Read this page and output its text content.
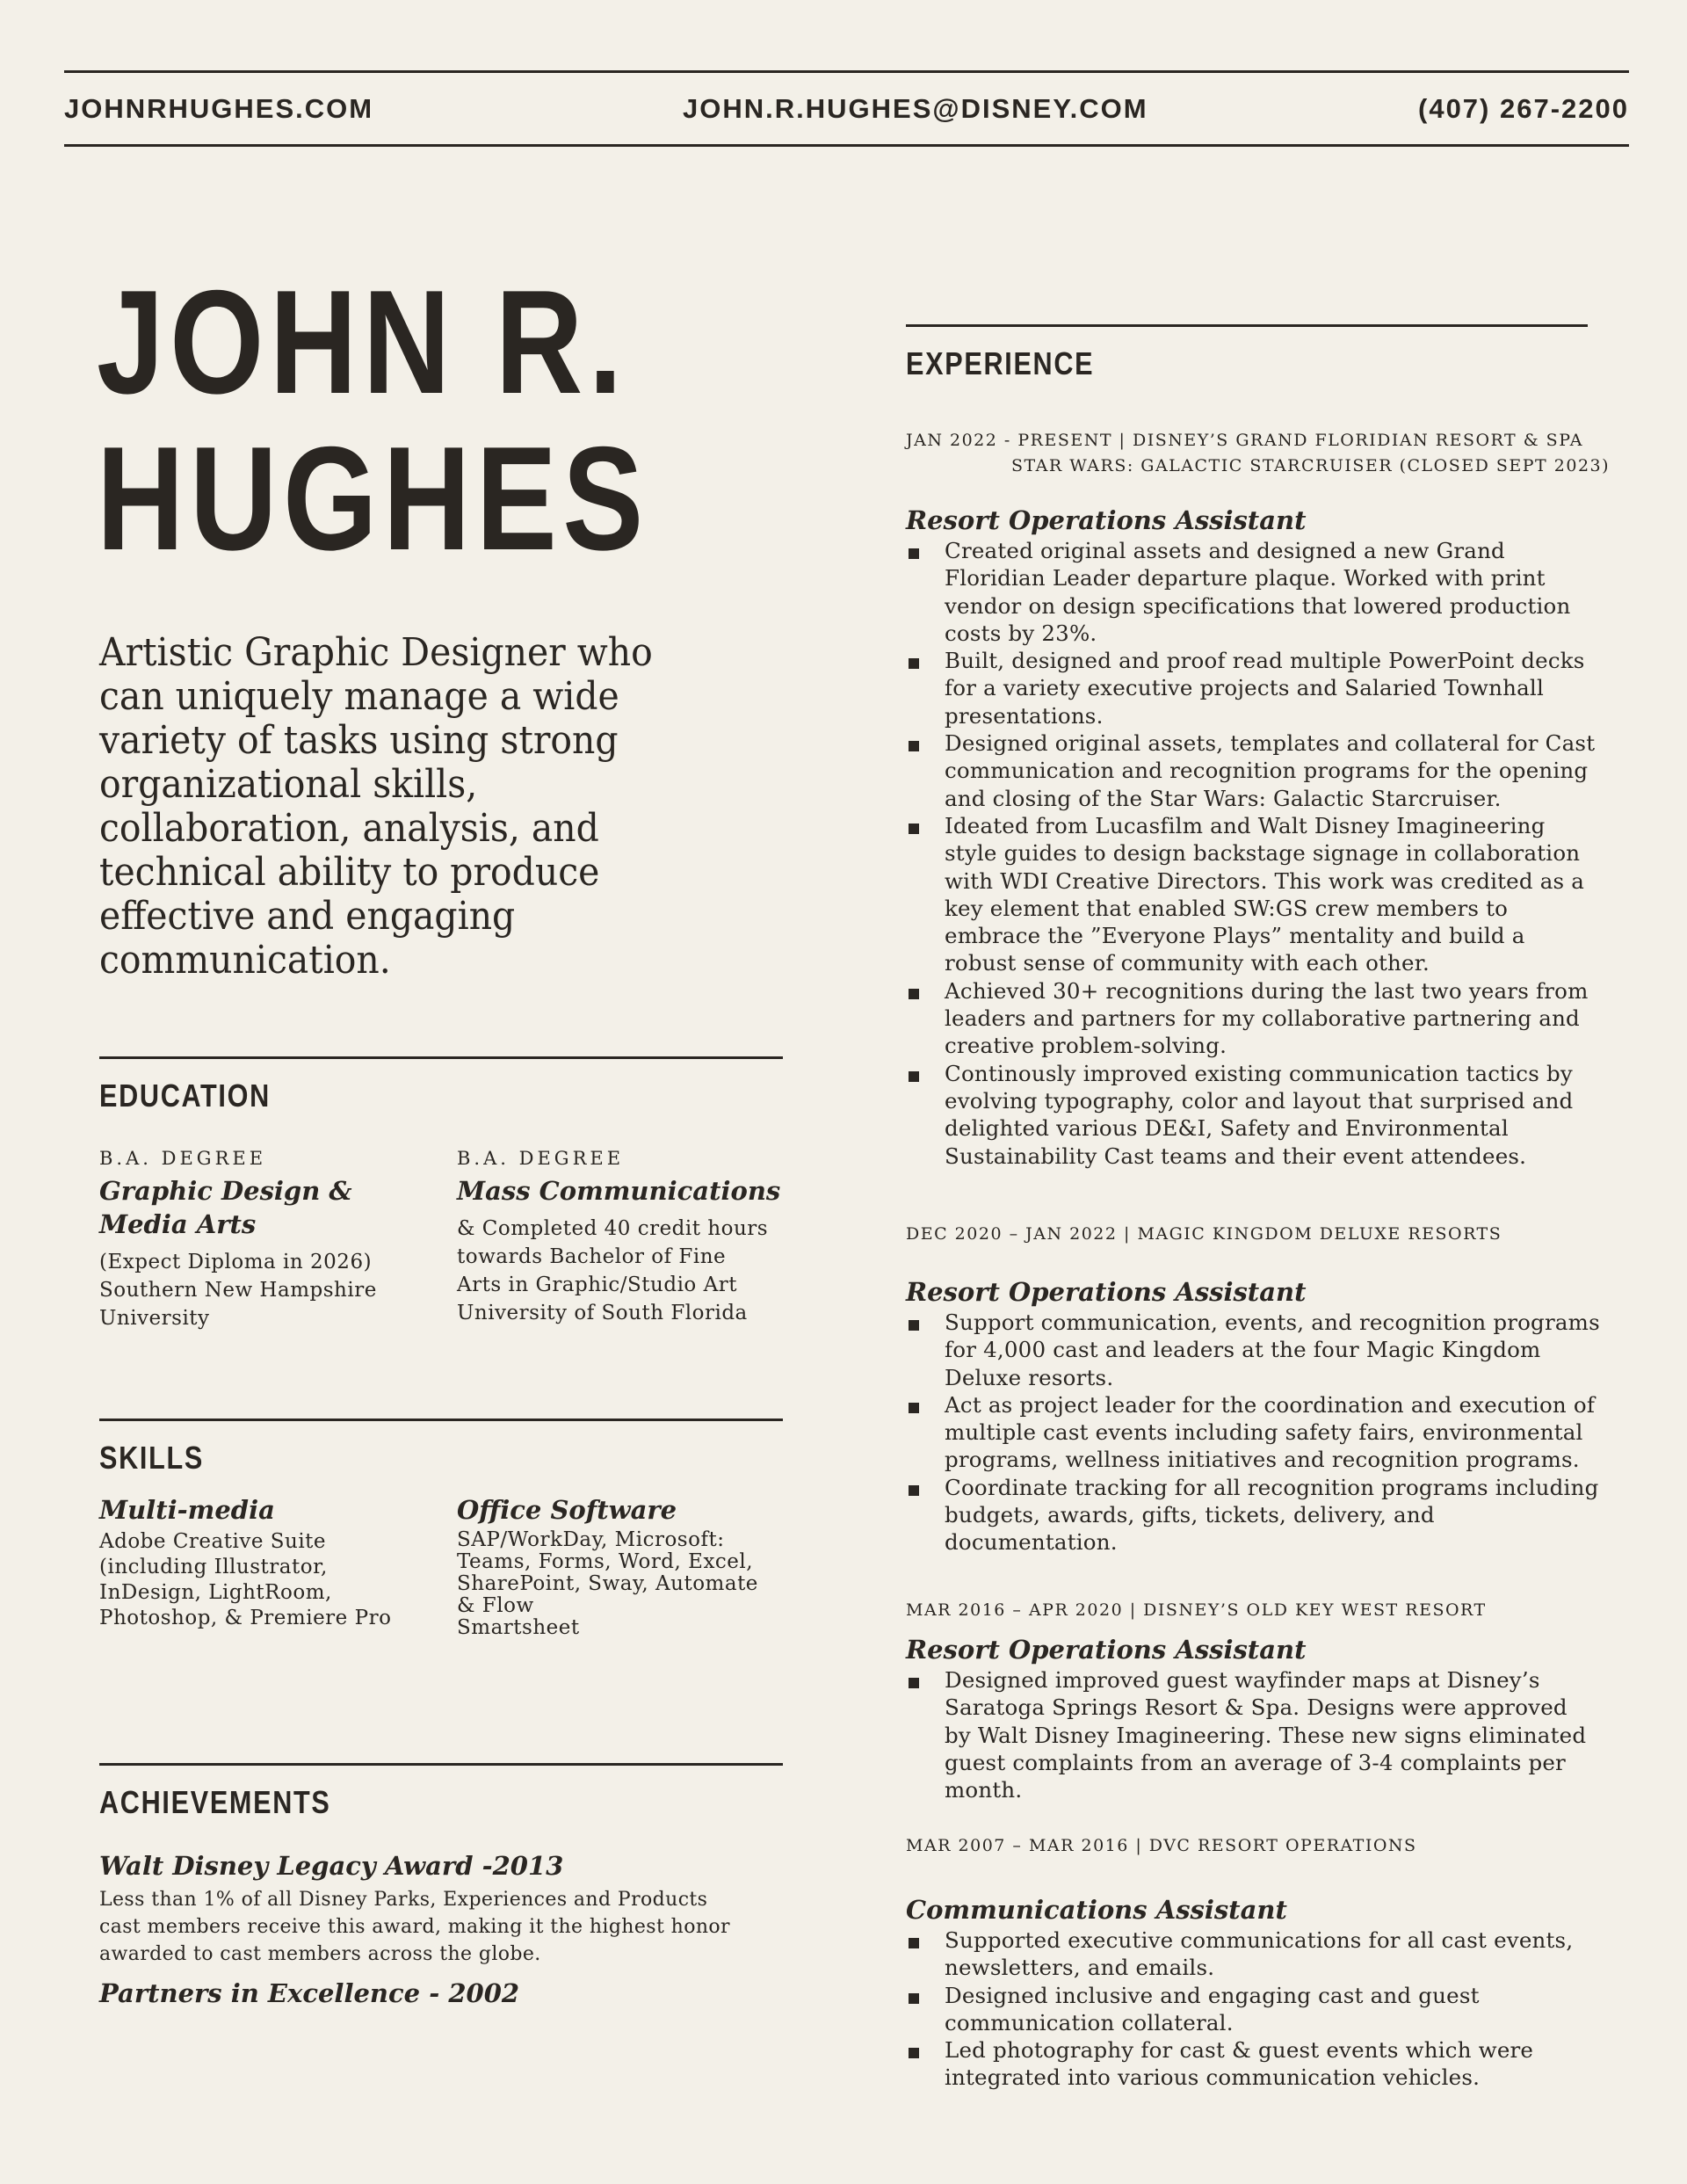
JOHNRHUGHES.COM	JOHN.R.HUGHES@DISNEY.COM	(407) 267-2200
JOHN R.
HUGHES

Artistic Graphic Designer who can uniquely manage a wide variety of tasks using strong organizational skills, collaboration, analysis, and technical ability to produce effective and engaging communication.

EDUCATION

B.A. DEGREE

Graphic Design & Media Arts

(Expect Diploma in 2026)
Southern New Hampshire
University

B.A. DEGREE

Mass Communications

& Completed 40 credit hours
towards Bachelor of Fine
Arts in Graphic/Studio Art
University of South Florida

SKILLS

Multi-media

Adobe Creative Suite
(including Illustrator,
InDesign, LightRoom,
Photoshop, & Premiere Pro

Office Software

SAP/WorkDay, Microsoft:
Teams, Forms, Word, Excel,
SharePoint, Sway, Automate
& Flow
Smartsheet

ACHIEVEMENTS

Walt Disney Legacy Award -2013

Less than 1% of all Disney Parks, Experiences and Products
cast members receive this award, making it the highest honor
awarded to cast members across the globe.

Partners in Excellence - 2002

EXPERIENCE

JAN 2022 - PRESENT | DISNEY’S GRAND FLORIDIAN RESORT & SPA
STAR WARS: GALACTIC STARCRUISER (CLOSED SEPT 2023)

Resort Operations Assistant

Created original assets and designed a new Grand Floridian Leader departure plaque. Worked with print vendor on design specifications that lowered production costs by 23%.
Built, designed and proof read multiple PowerPoint decks for a variety executive projects and Salaried Townhall presentations.
Designed original assets, templates and collateral for Cast communication and recognition programs for the opening and closing of the Star Wars: Galactic Starcruiser.
Ideated from Lucasfilm and Walt Disney Imagineering style guides to design backstage signage in collaboration with WDI Creative Directors. This work was credited as a key element that enabled SW:GS crew members to embrace the ”Everyone Plays” mentality and build a robust sense of community with each other.
Achieved 30+ recognitions during the last two years from leaders and partners for my collaborative partnering and creative problem-solving.
Continously improved existing communication tactics by evolving typography, color and layout that surprised and delighted various DE&I, Safety and Environmental Sustainability Cast teams and their event attendees.

DEC 2020 – JAN 2022 | MAGIC KINGDOM DELUXE RESORTS

Resort Operations Assistant

Support communication, events, and recognition programs for 4,000 cast and leaders at the four Magic Kingdom Deluxe resorts.
Act as project leader for the coordination and execution of multiple cast events including safety fairs, environmental programs, wellness initiatives and recognition programs.
Coordinate tracking for all recognition programs including budgets, awards, gifts, tickets, delivery, and documentation.

MAR 2016 – APR 2020 | DISNEY’S OLD KEY WEST RESORT

Resort Operations Assistant

Designed improved guest wayfinder maps at Disney’s Saratoga Springs Resort & Spa. Designs were approved by Walt Disney Imagineering. These new signs eliminated guest complaints from an average of 3-4 complaints per month.

MAR 2007 – MAR 2016 | DVC RESORT OPERATIONS

Communications Assistant

Supported executive communications for all cast events, newsletters, and emails.
Designed inclusive and engaging cast and guest communication collateral.
Led photography for cast & guest events which were integrated into various communication vehicles.
